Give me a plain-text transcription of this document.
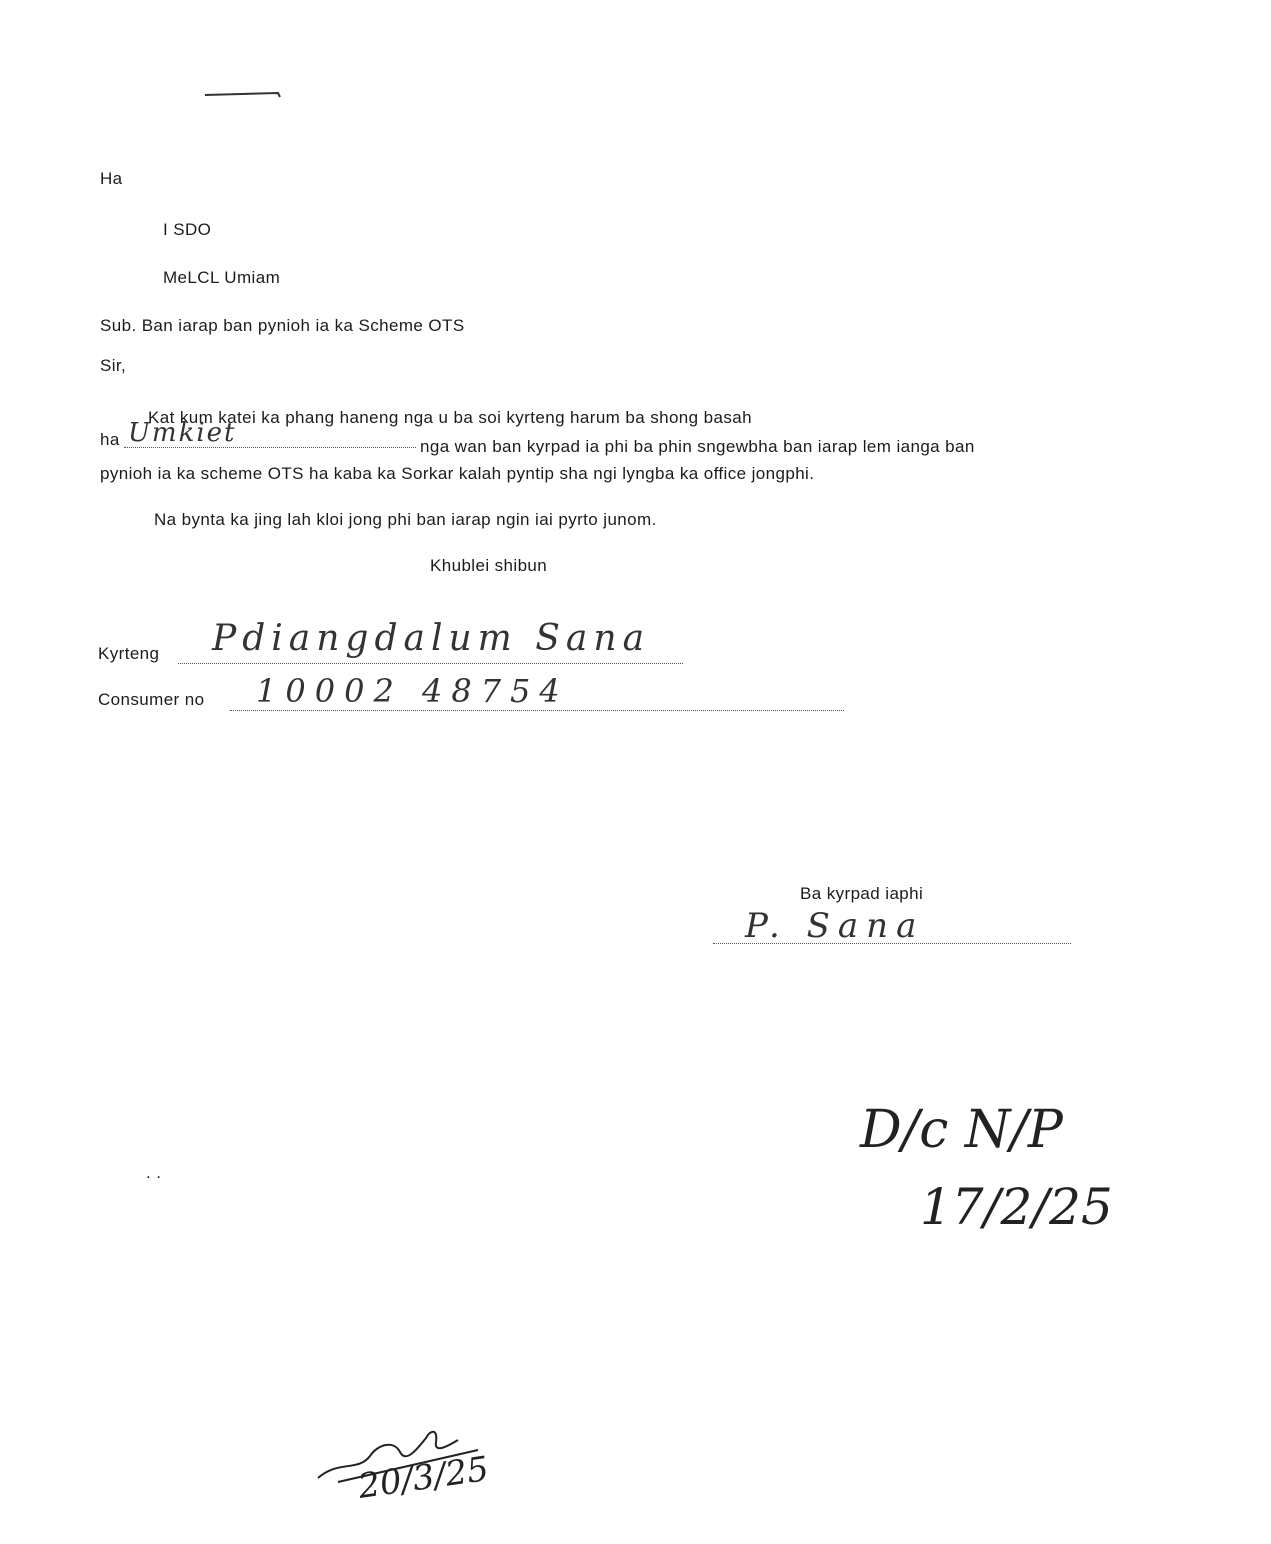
Ha
I SDO
MeLCL Umiam
Sub. Ban iarap ban pynioh ia ka Scheme OTS
Sir,
Kat kum katei ka phang haneng nga u ba soi kyrteng harum ba shong basah
ha Umkiet	nga wan ban kyrpad ia phi ba phin sngewbha ban iarap lem ianga ban
pynioh ia ka scheme OTS ha kaba ka Sorkar kalah pyntip sha ngi lyngba ka office jongphi.
Na bynta ka jing lah kloi jong phi ban iarap ngin iai pyrto junom.
Khublei shibun
Kyrteng Pdiangdalum Sana
Consumer no 10002 48754
Ba kyrpad iaphi
P. Sana
D/c N/P
17/2/25
. .
20/3/25
